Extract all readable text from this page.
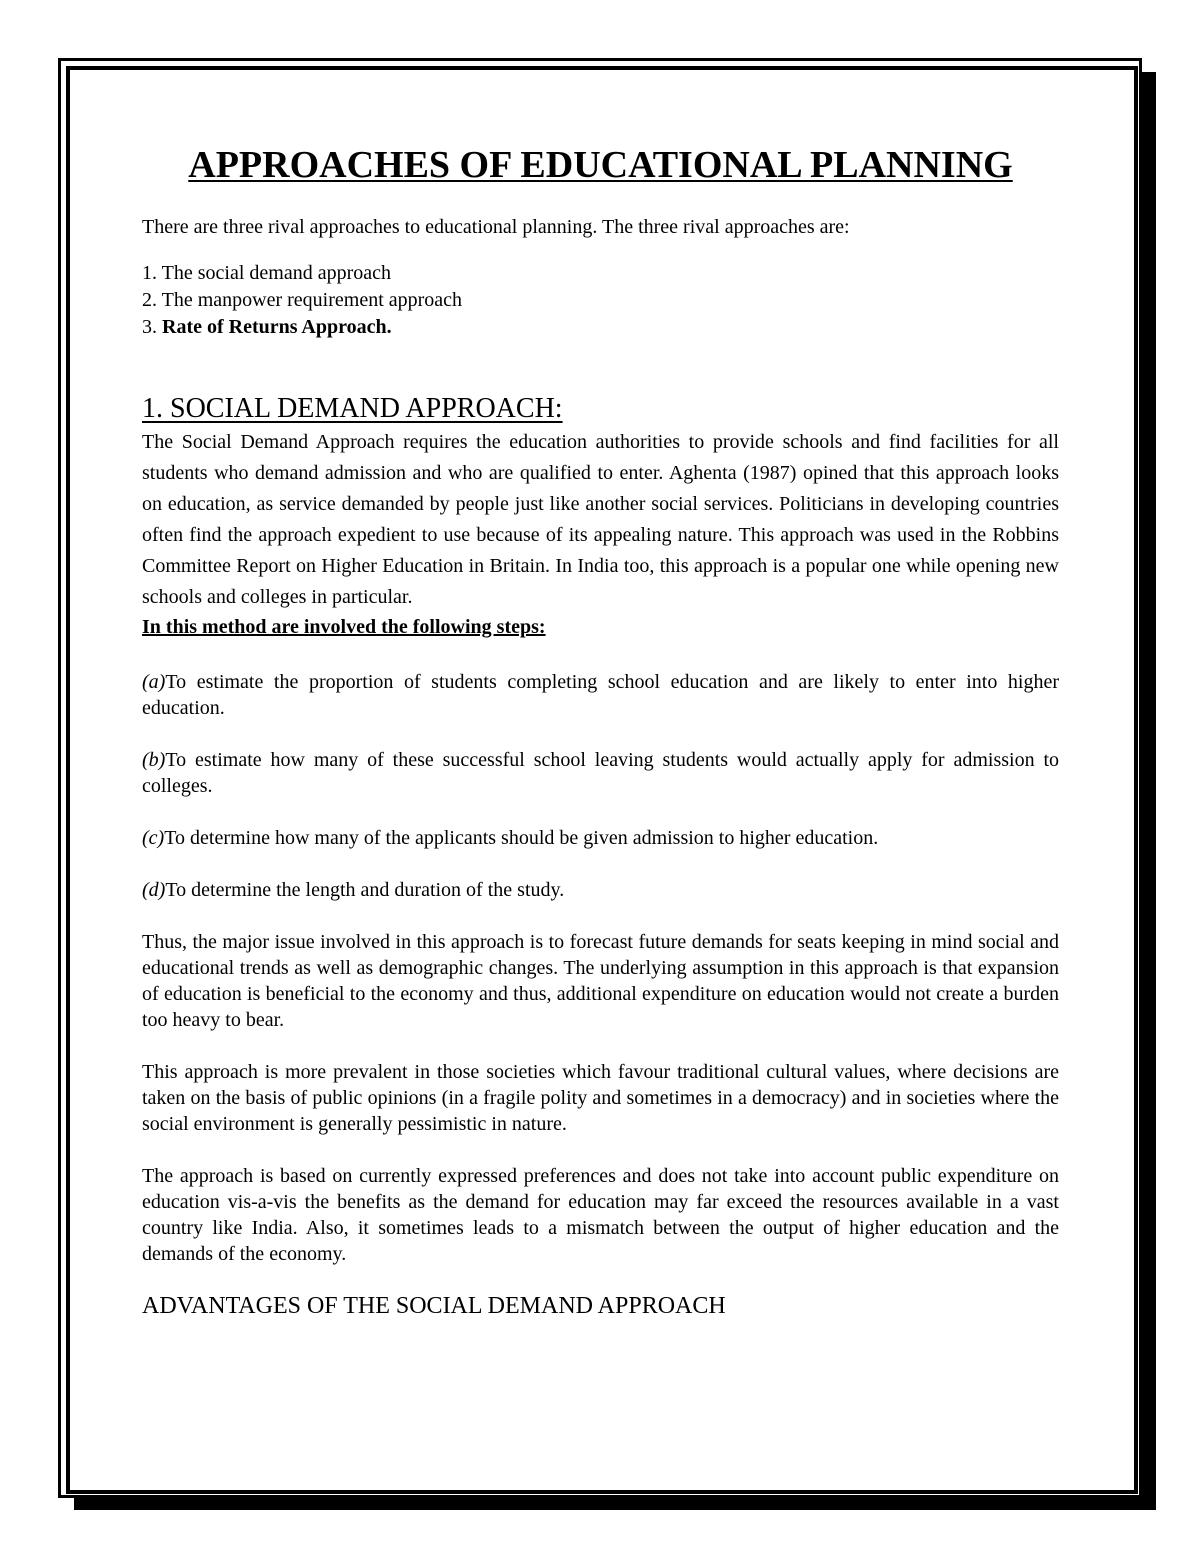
APPROACHES OF EDUCATIONAL PLANNING

There are three rival approaches to educational planning. The three rival approaches are:

1. The social demand approach
2. The manpower requirement approach
3. Rate of Returns Approach.
1. SOCIAL DEMAND APPROACH:

The Social Demand Approach requires the education authorities to provide schools and find facilities for all students who demand admission and who are qualified to enter. Aghenta (1987) opined that this approach looks on education, as service demanded by people just like another social services. Politicians in developing countries often find the approach expedient to use because of its appealing nature. This approach was used in the Robbins Committee Report on Higher Education in Britain. In India too, this approach is a popular one while opening new schools and colleges in particular.

In this method are involved the following steps:

(a)To estimate the proportion of students completing school education and are likely to enter into higher education.

(b)To estimate how many of these successful school leaving students would actually apply for admission to colleges.

(c)To determine how many of the applicants should be given admission to higher education.

(d)To determine the length and duration of the study.

Thus, the major issue involved in this approach is to forecast future demands for seats keeping in mind social and educational trends as well as demographic changes. The underlying assumption in this approach is that expansion of education is beneficial to the economy and thus, additional expenditure on education would not create a burden too heavy to bear.

This approach is more prevalent in those societies which favour traditional cultural values, where decisions are taken on the basis of public opinions (in a fragile polity and sometimes in a democracy) and in societies where the social environment is generally pessimistic in nature.

The approach is based on currently expressed preferences and does not take into account public expenditure on education vis-a-vis the benefits as the demand for education may far exceed the resources available in a vast country like India. Also, it sometimes leads to a mismatch between the output of higher education and the demands of the economy.

ADVANTAGES OF THE SOCIAL DEMAND APPROACH
